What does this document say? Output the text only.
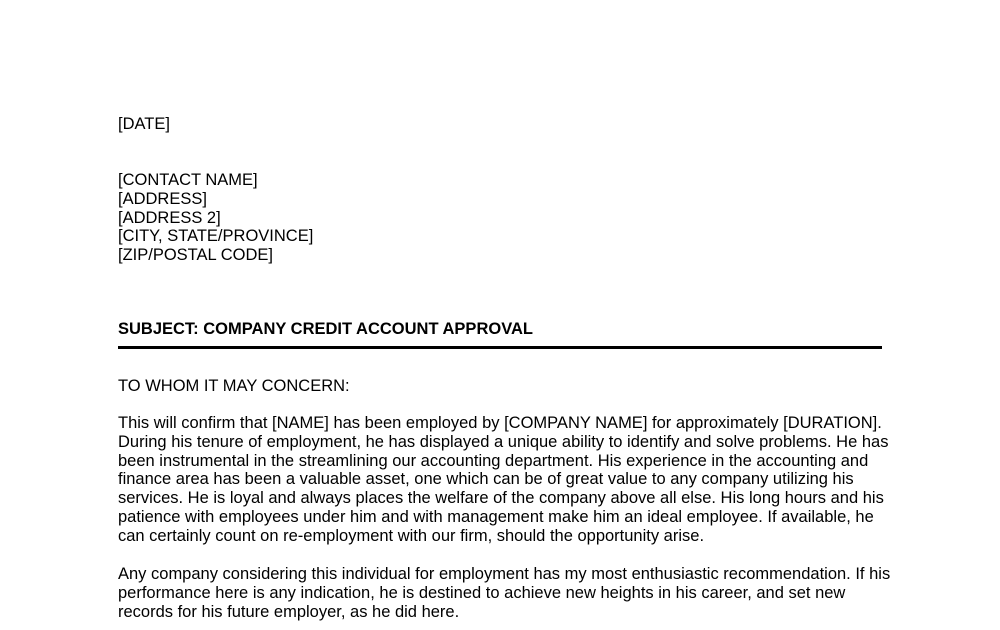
[DATE]
[CONTACT NAME]
[ADDRESS]
[ADDRESS 2]
[CITY, STATE/PROVINCE]
[ZIP/POSTAL CODE]
SUBJECT: COMPANY CREDIT ACCOUNT APPROVAL
TO WHOM IT MAY CONCERN:
This will confirm that [NAME] has been employed by [COMPANY NAME] for approximately [DURATION]. During his tenure of employment, he has displayed a unique ability to identify and solve problems. He has been instrumental in the streamlining our accounting department. His experience in the accounting and finance area has been a valuable asset, one which can be of great value to any company utilizing his services. He is loyal and always places the welfare of the company above all else. His long hours and his patience with employees under him and with management make him an ideal employee. If available, he can certainly count on re-employment with our firm, should the opportunity arise.
Any company considering this individual for employment has my most enthusiastic recommendation. If his performance here is any indication, he is destined to achieve new heights in his career, and set new records for his future employer, as he did here.
